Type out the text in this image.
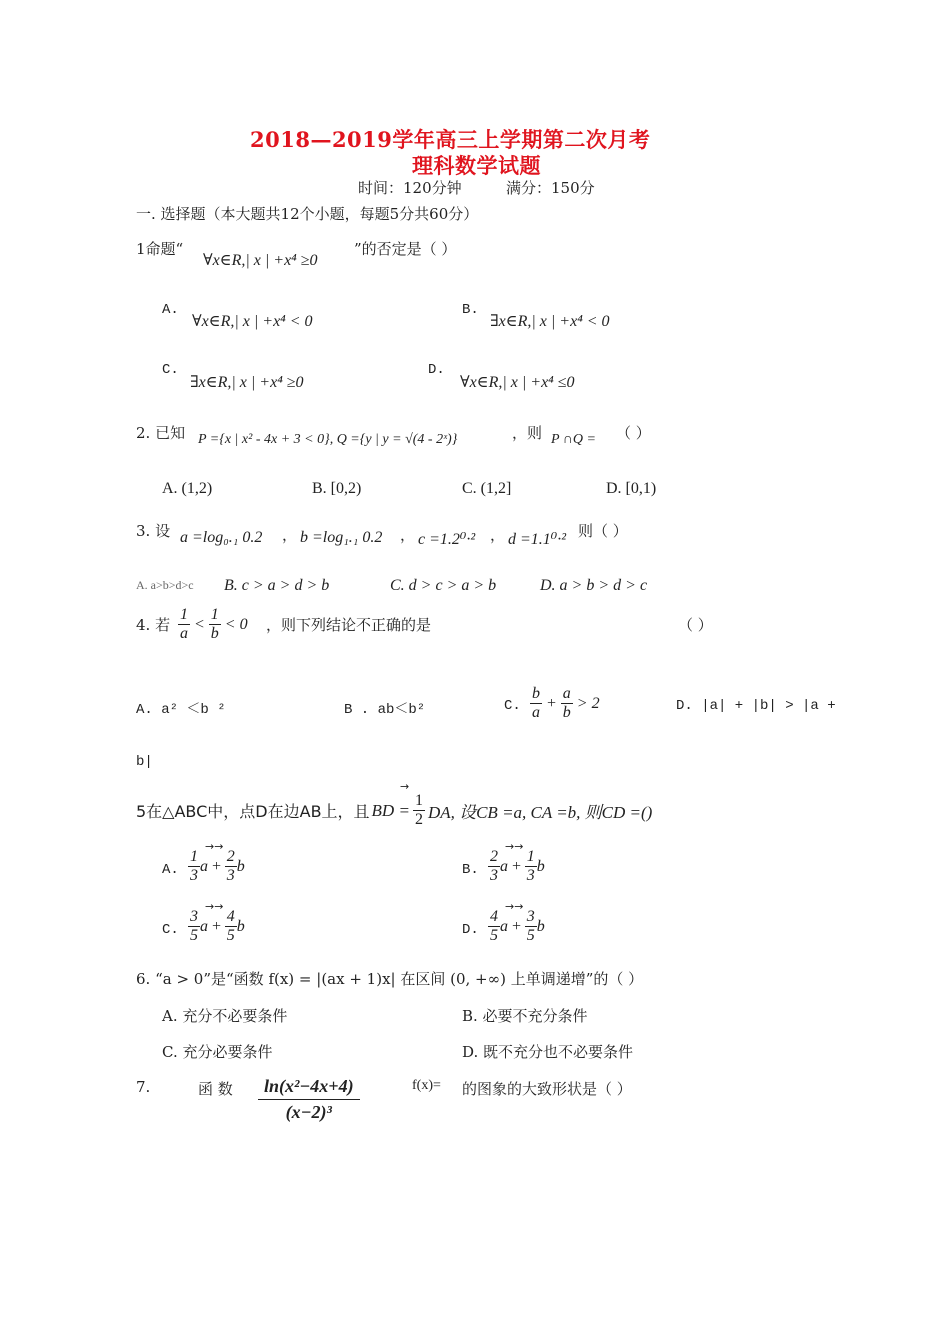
2018—2019学年高三上学期第二次月考
理科数学试题
时间：120分钟	满分：150分
一. 选择题（本大题共12个小题，每题5分共60分）
1命题“
∀x∈R,| x | +x⁴ ≥0
”的否定是（ ）
A.
∀x∈R,| x | +x⁴ < 0
B.
∃x∈R,| x | +x⁴ < 0
C.
∃x∈R,| x | +x⁴ ≥0
D.
∀x∈R,| x | +x⁴ ≤0
2. 已知 P ={x | x² - 4x + 3 < 0}, Q ={y | y = √(4 - 2ˣ)}	，则 P ∩Q = （ ）
A. (1,2)	B. [0,2)	C. (1,2]	D. [0,1)
3. 设 a =log₀.₁ 0.2 ， b =log₁.₁ 0.2 ， c =1.2⁰·² ， d =1.1⁰·² 则（ ）
A. a>b>d>c B. c > a > d > b	C. d > c > a > b	D. a > b > d > c
4. 若 $\frac{1}{a} < \frac{1}{b} < 0$ ，则下列结论不正确的是	（ ）
A. a² ＜b ²	B . ab＜b²	C. $\frac{b}{a} + \frac{a}{b} > 2$	D. |a| + |b| > |a +
b|
5在△ABC中，点D在边AB上，且 BD = $\frac{1}{2}$ DA, 设CB =a, CA =b, 则CD =()
→
A. $\frac{1}{3}$ $a + \frac{2}{3}$ b	B. $\frac{2}{3}$ $a + \frac{1}{3}$ b
C. $\frac{3}{5}$ $a + \frac{4}{5}$ b	D. $\frac{4}{5}$ $a + \frac{3}{5}$ b
→→	→→
→→	→→
6. “a > 0”是“函数 f(x) = |(ax + 1)x| 在区间 (0, +∞) 上单调递增”的（ ）
A. 充分不必要条件	B. 必要不充分条件
C. 充分必要条件	D. 既不充分也不必要条件
7.	函 数 $\frac{\text{ln(x²−4x+4)}}{\text{(x−2)³}}$	f(x)= 的图象的大致形状是（ ）
